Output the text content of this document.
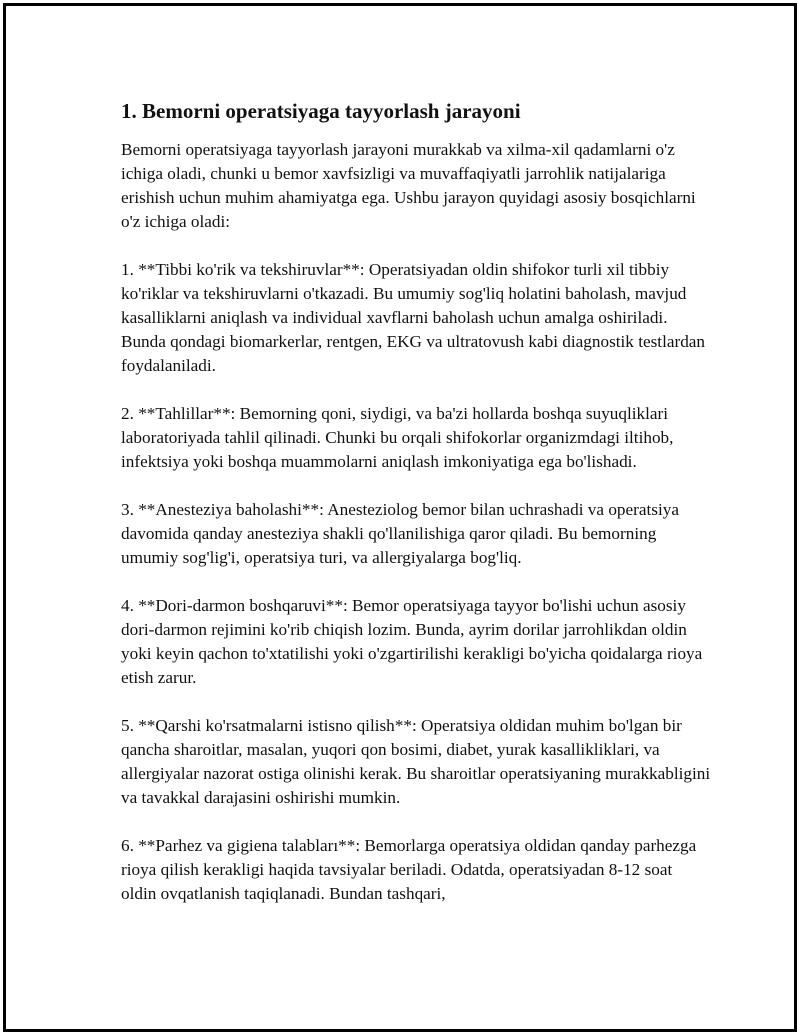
1. Bemorni operatsiyaga tayyorlash jarayoni

Bemorni operatsiyaga tayyorlash jarayoni murakkab va xilma-xil qadamlarni o'z ichiga oladi, chunki u bemor xavfsizligi va muvaffaqiyatli jarrohlik natijalariga erishish uchun muhim ahamiyatga ega. Ushbu jarayon quyidagi asosiy bosqichlarni o'z ichiga oladi:

1. **Tibbi ko'rik va tekshiruvlar**: Operatsiyadan oldin shifokor turli xil tibbiy ko'riklar va tekshiruvlarni o'tkazadi. Bu umumiy sog'liq holatini baholash, mavjud kasalliklarni aniqlash va individual xavflarni baholash uchun amalga oshiriladi. Bunda qondagi biomarkerlar, rentgen, EKG va ultratovush kabi diagnostik testlardan foydalaniladi.

2. **Tahlillar**: Bemorning qoni, siydigi, va ba'zi hollarda boshqa suyuqliklari laboratoriyada tahlil qilinadi. Chunki bu orqali shifokorlar organizmdagi iltihob, infektsiya yoki boshqa muammolarni aniqlash imkoniyatiga ega bo'lishadi.

3. **Anesteziya baholashi**: Anesteziolog bemor bilan uchrashadi va operatsiya davomida qanday anesteziya shakli qo'llanilishiga qaror qiladi. Bu bemorning umumiy sog'lig'i, operatsiya turi, va allergiyalarga bog'liq.

4. **Dori-darmon boshqaruvi**: Bemor operatsiyaga tayyor bo'lishi uchun asosiy dori-darmon rejimini ko'rib chiqish lozim. Bunda, ayrim dorilar jarrohlikdan oldin yoki keyin qachon to'xtatilishi yoki o'zgartirilishi kerakligi bo'yicha qoidalarga rioya etish zarur.

5. **Qarshi ko'rsatmalarni istisno qilish**: Operatsiya oldidan muhim bo'lgan bir qancha sharoitlar, masalan, yuqori qon bosimi, diabet, yurak kasallikliklari, va allergiyalar nazorat ostiga olinishi kerak. Bu sharoitlar operatsiyaning murakkabligini va tavakkal darajasini oshirishi mumkin.

6. **Parhez va gigiena talabları**: Bemorlarga operatsiya oldidan qanday parhezga rioya qilish kerakligi haqida tavsiyalar beriladi. Odatda, operatsiyadan 8-12 soat oldin ovqatlanish taqiqlanadi. Bundan tashqari,
